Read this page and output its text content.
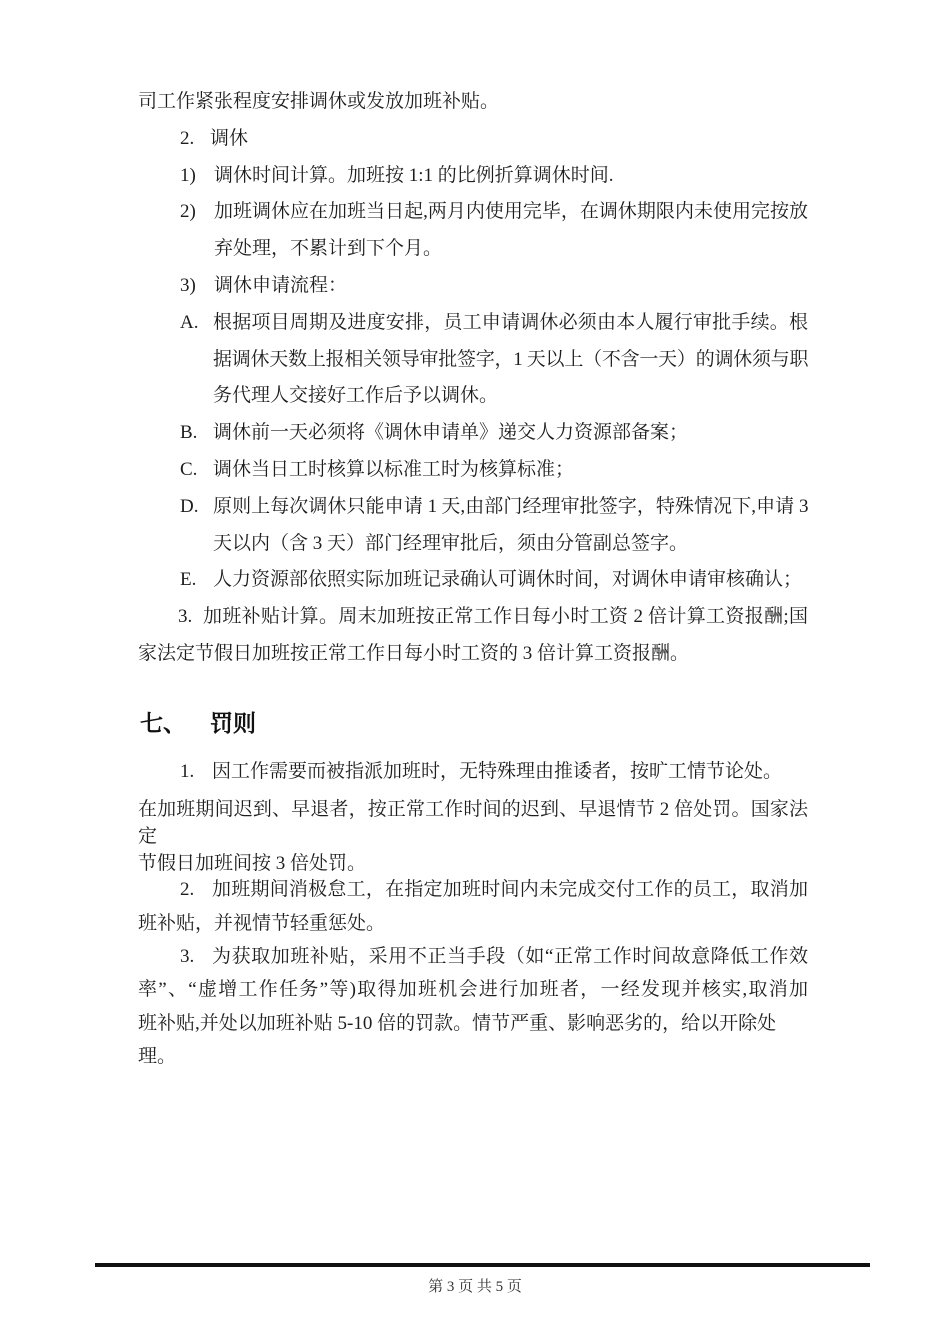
司工作紧张程度安排调休或发放加班补贴。
2. 调休
1) 调休时间计算。加班按 1:1 的比例折算调休时间.
2) 加班调休应在加班当日起,两月内使用完毕，在调休期限内未使用完按放
弃处理，不累计到下个月。
3) 调休申请流程：
A. 根据项目周期及进度安排，员工申请调休必须由本人履行审批手续。根
据调休天数上报相关领导审批签字，1 天以上（不含一天）的调休须与职
务代理人交接好工作后予以调休。
B. 调休前一天必须将《调休申请单》递交人力资源部备案；
C. 调休当日工时核算以标准工时为核算标准；
D. 原则上每次调休只能申请 1 天,由部门经理审批签字，特殊情况下,申请 3
天以内（含 3 天）部门经理审批后，须由分管副总签字。
E. 人力资源部依照实际加班记录确认可调休时间，对调休申请审核确认；
3. 加班补贴计算。周末加班按正常工作日每小时工资 2 倍计算工资报酬;国
家法定节假日加班按正常工作日每小时工资的 3 倍计算工资报酬。
七、 罚则
1. 因工作需要而被指派加班时，无特殊理由推诿者，按旷工情节论处。
在加班期间迟到、早退者，按正常工作时间的迟到、早退情节 2 倍处罚。国家法定
节假日加班间按 3 倍处罚。
2. 加班期间消极怠工，在指定加班时间内未完成交付工作的员工，取消加
班补贴，并视情节轻重惩处。
3. 为获取加班补贴，采用不正当手段（如“正常工作时间故意降低工作效
率”、“虚增工作任务”等)取得加班机会进行加班者，一经发现并核实,取消加
班补贴,并处以加班补贴 5-10 倍的罚款。情节严重、影响恶劣的，给以开除处理。
第 3 页 共 5 页
